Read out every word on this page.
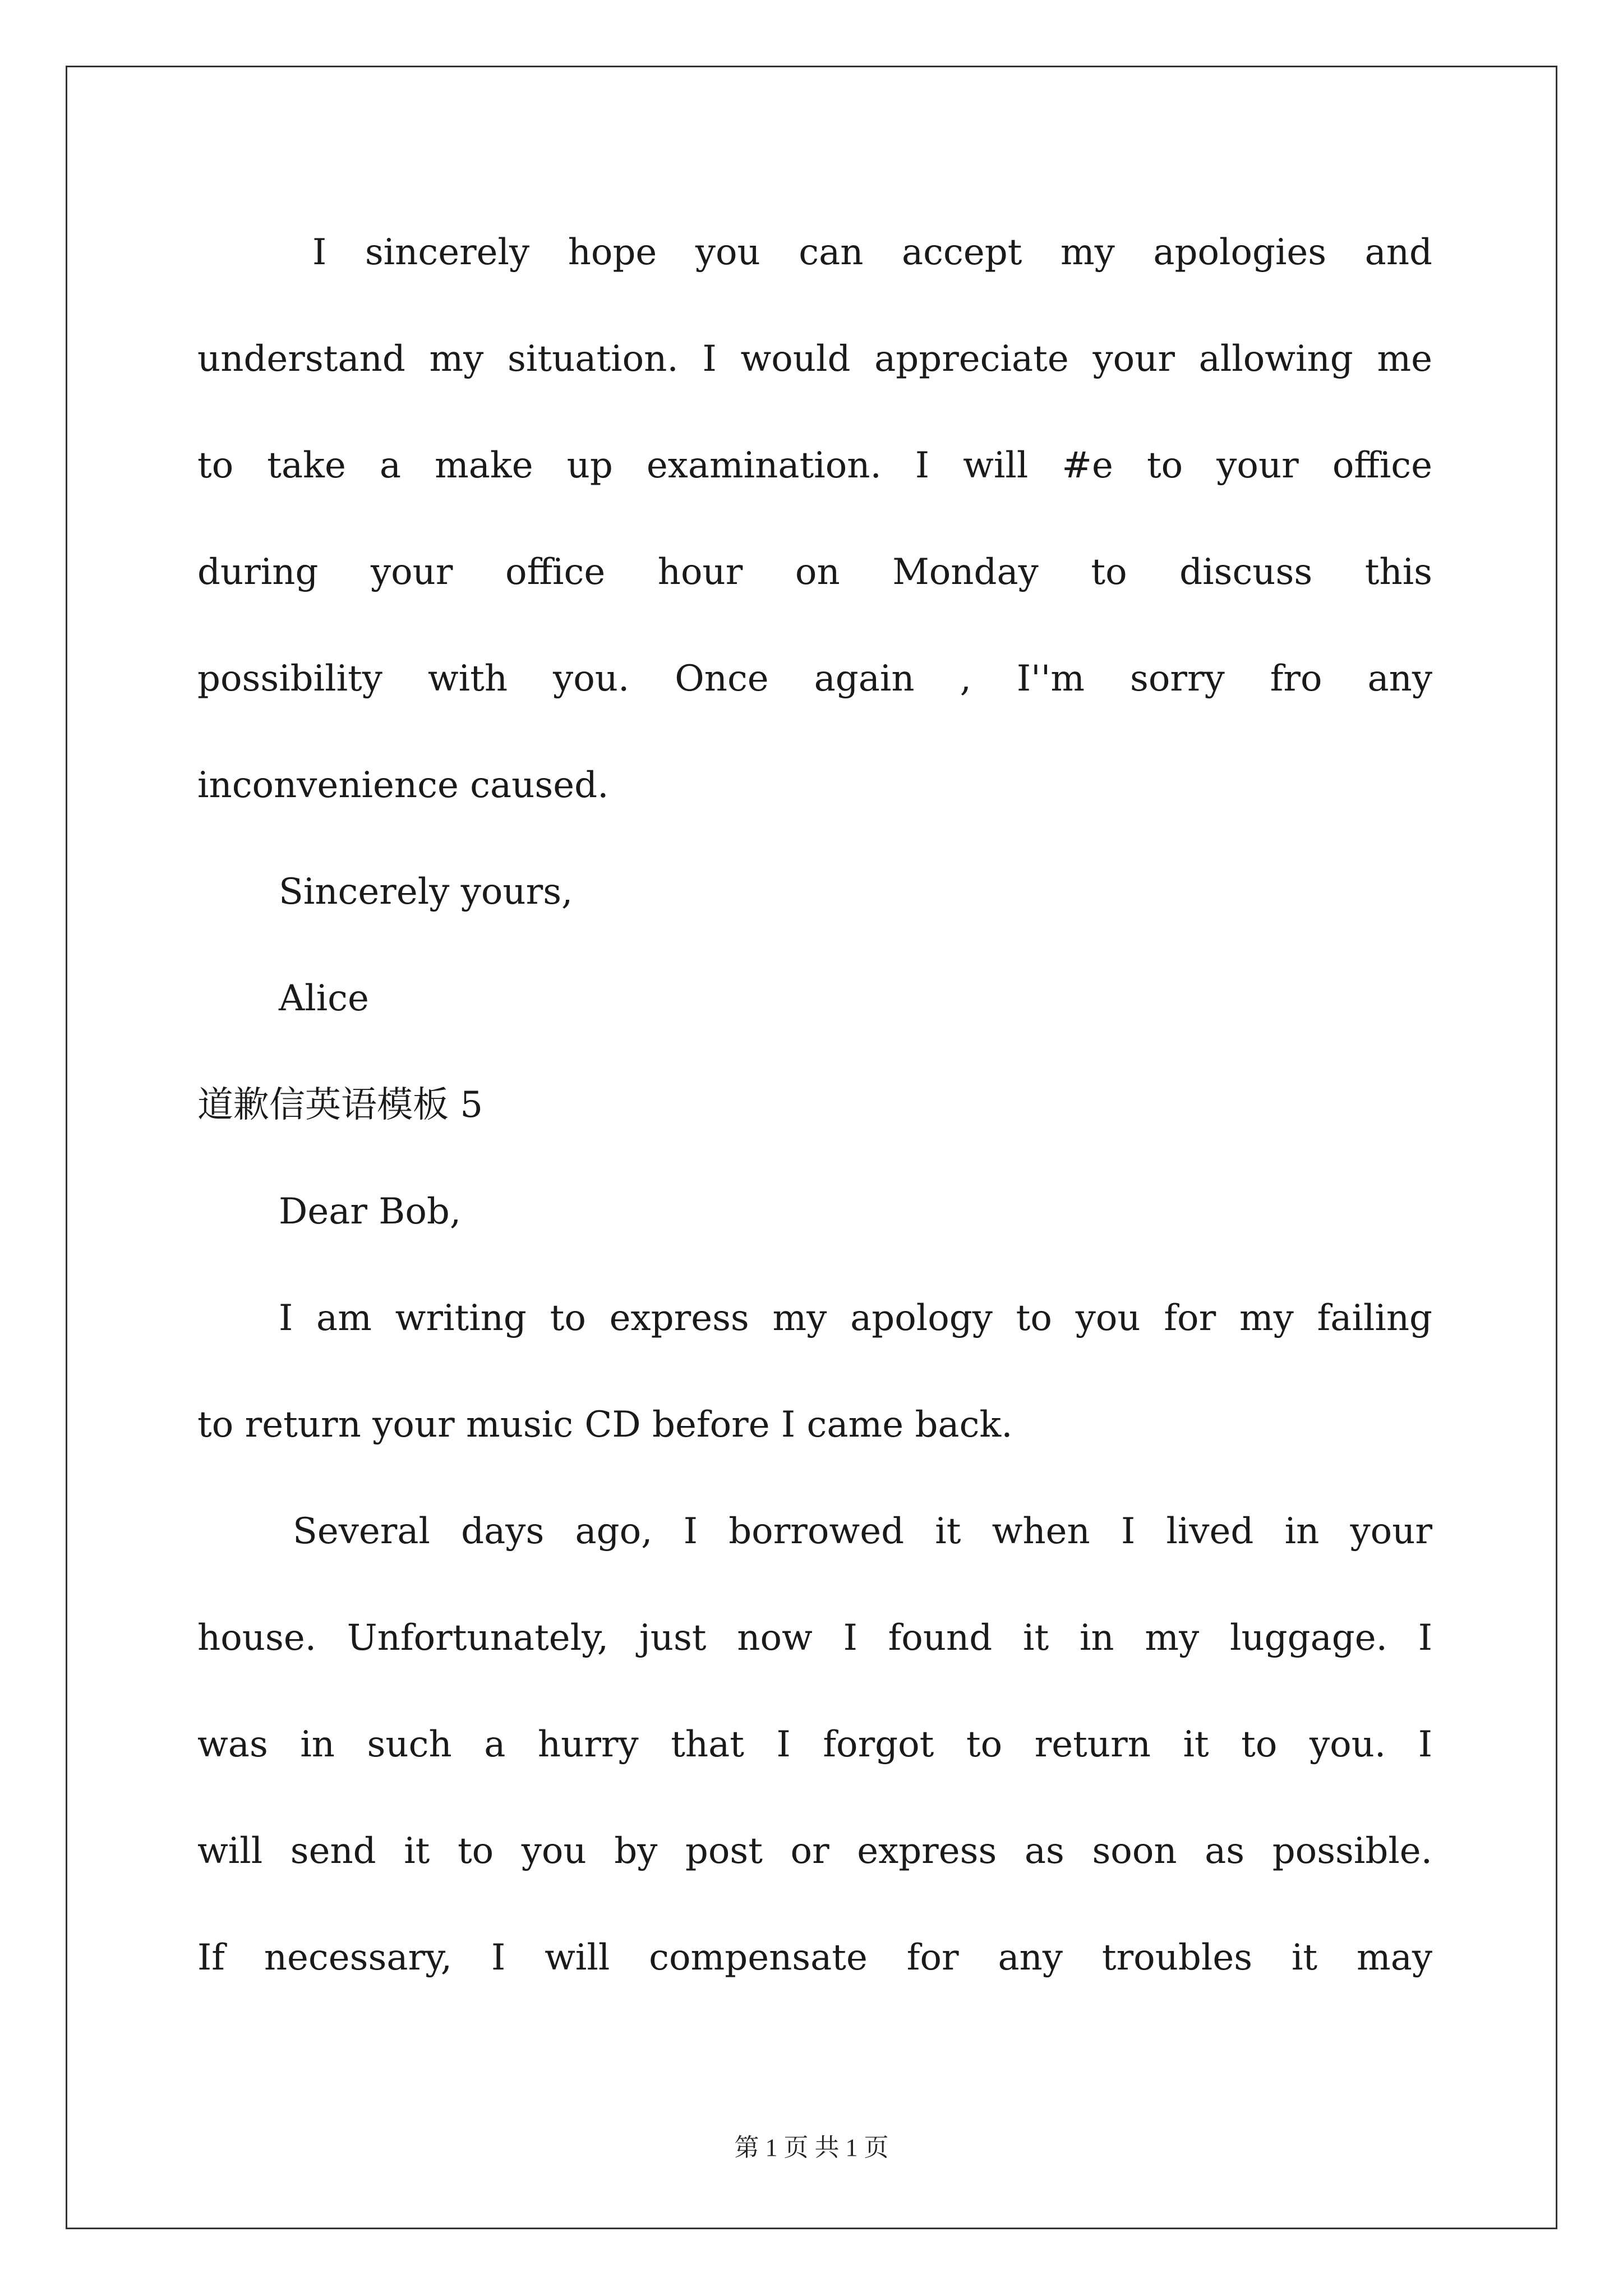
I sincerely hope you can accept my apologies and
understand my situation. I would appreciate your allowing me
to take a make up examination. I will #e to your office
during your office hour on Monday to discuss this
possibility with you. Once again , I''m sorry fro any
inconvenience caused.
Sincerely yours,
Alice
道歉信英语模板 5
Dear Bob,
I am writing to express my apology to you for my failing
to return your music CD before I came back.
Several days ago, I borrowed it when I lived in your
house. Unfortunately, just now I found it in my luggage. I
was in such a hurry that I forgot to return it to you. I
will send it to you by post or express as soon as possible.
If necessary, I will compensate for any troubles it may
第 1 页 共 1 页
